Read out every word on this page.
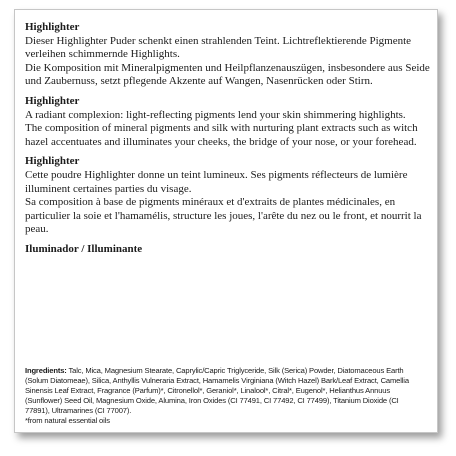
Highlighter

Dieser Highlighter Puder schenkt einen strahlenden Teint. Lichtreflektierende Pigmente verleihen schimmernde Highlights.

Die Komposition mit Mineralpigmenten und Heilpflanzenauszügen, insbesondere aus Seide und Zaubernuss, setzt pflegende Akzente auf Wangen, Nasenrücken oder Stirn.

Highlighter

A radiant complexion: light-reflecting pigments lend your skin shimmering highlights.

The composition of mineral pigments and silk with nurturing plant extracts such as witch hazel accentuates and illuminates your cheeks, the bridge of your nose, or your forehead.

Highlighter

Cette poudre Highlighter donne un teint lumineux. Ses pigments réflecteurs de lumière illuminent certaines parties du visage.

Sa composition à base de pigments minéraux et d'extraits de plantes médicinales, en particulier la soie et l'hamamélis, structure les joues, l'arête du nez ou le front, et nourrit la peau.

Iluminador / Illuminante
Ingredients: Talc, Mica, Magnesium Stearate, Caprylic/Capric Triglyceride, Silk (Serica) Powder, Diatomaceous Earth (Solum Diatomeae), Silica, Anthyllis Vulneraria Extract, Hamamelis Virginiana (Witch Hazel) Bark/Leaf Extract, Camellia Sinensis Leaf Extract, Fragrance (Parfum)*, Citronellol*, Geraniol*, Linalool*, Citral*, Eugenol*, Helianthus Annuus (Sunflower) Seed Oil, Magnesium Oxide, Alumina, Iron Oxides (CI 77491, CI 77492, CI 77499), Titanium Dioxide (CI 77891), Ultramarines (CI 77007).
*from natural essential oils
